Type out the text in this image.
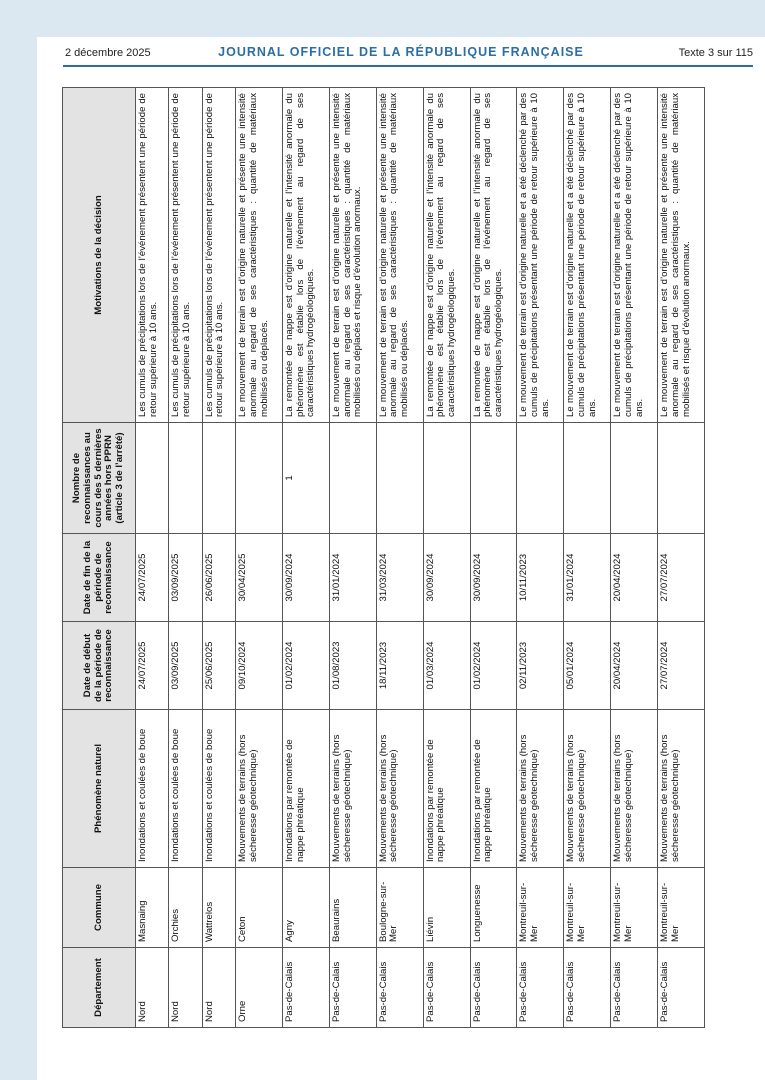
2 décembre 2025	JOURNAL OFFICIEL DE LA RÉPUBLIQUE FRANÇAISE	Texte 3 sur 115
Département	Commune	Phénomène naturel	Date de début de la période de reconnaissance	Date de fin de la période de reconnaissance	Nombre de reconnaissances au cours des 5 dernières années hors PPRN (article 3 de l’arrêté)	Motivations de la décision
Nord	Masnaing	Inondations et coulées de boue	24/07/2025	24/07/2025		Les cumuls de précipitations lors de l’événement présentent une période de retour supérieure à 10 ans.
Nord	Orchies	Inondations et coulées de boue	03/09/2025	03/09/2025		Les cumuls de précipitations lors de l’événement présentent une période de retour supérieure à 10 ans.
Nord	Wattrelos	Inondations et coulées de boue	25/06/2025	26/06/2025		Les cumuls de précipitations lors de l’événement présentent une période de retour supérieure à 10 ans.
Orne	Ceton	Mouvements de terrains (hors sécheresse géotechnique)	09/10/2024	30/04/2025		Le mouvement de terrain est d’origine naturelle et présente une intensité anormale au regard de ses caractéristiques : quantité de matériaux mobilisés ou déplacés.
Pas-de-Calais	Agny	Inondations par remontée de nappe phréatique	01/02/2024	30/09/2024	1	La remontée de nappe est d’origine naturelle et l’intensité anormale du phénomène est établie lors de l’événement au regard de ses caractéristiques hydrogéologiques.
Pas-de-Calais	Beaurains	Mouvements de terrains (hors sécheresse géotechnique)	01/08/2023	31/01/2024		Le mouvement de terrain est d’origine naturelle et présente une intensité anormale au regard de ses caractéristiques : quantité de matériaux mobilisés ou déplacés et risque d’évolution anormaux.
Pas-de-Calais	Boulogne-sur-Mer	Mouvements de terrains (hors sécheresse géotechnique)	18/11/2023	31/03/2024		Le mouvement de terrain est d’origine naturelle et présente une intensité anormale au regard de ses caractéristiques : quantité de matériaux mobilisés ou déplacés.
Pas-de-Calais	Liévin	Inondations par remontée de nappe phréatique	01/03/2024	30/09/2024		La remontée de nappe est d’origine naturelle et l’intensité anormale du phénomène est établie lors de l’événement au regard de ses caractéristiques hydrogéologiques.
Pas-de-Calais	Longuenesse	Inondations par remontée de nappe phréatique	01/02/2024	30/09/2024		La remontée de nappe est d’origine naturelle et l’intensité anormale du phénomène est établie lors de l’événement au regard de ses caractéristiques hydrogéologiques.
Pas-de-Calais	Montreuil-sur-Mer	Mouvements de terrains (hors sécheresse géotechnique)	02/11/2023	10/11/2023		Le mouvement de terrain est d’origine naturelle et a été déclenché par des cumuls de précipitations présentant une période de retour supérieure à 10 ans.
Pas-de-Calais	Montreuil-sur-Mer	Mouvements de terrains (hors sécheresse géotechnique)	05/01/2024	31/01/2024		Le mouvement de terrain est d’origine naturelle et a été déclenché par des cumuls de précipitations présentant une période de retour supérieure à 10 ans.
Pas-de-Calais	Montreuil-sur-Mer	Mouvements de terrains (hors sécheresse géotechnique)	20/04/2024	20/04/2024		Le mouvement de terrain est d’origine naturelle et a été déclenché par des cumuls de précipitations présentant une période de retour supérieure à 10 ans.
Pas-de-Calais	Montreuil-sur-Mer	Mouvements de terrains (hors sécheresse géotechnique)	27/07/2024	27/07/2024		Le mouvement de terrain est d’origine naturelle et présente une intensité anormale au regard de ses caractéristiques : quantité de matériaux mobilisés et risque d’évolution anormaux.
